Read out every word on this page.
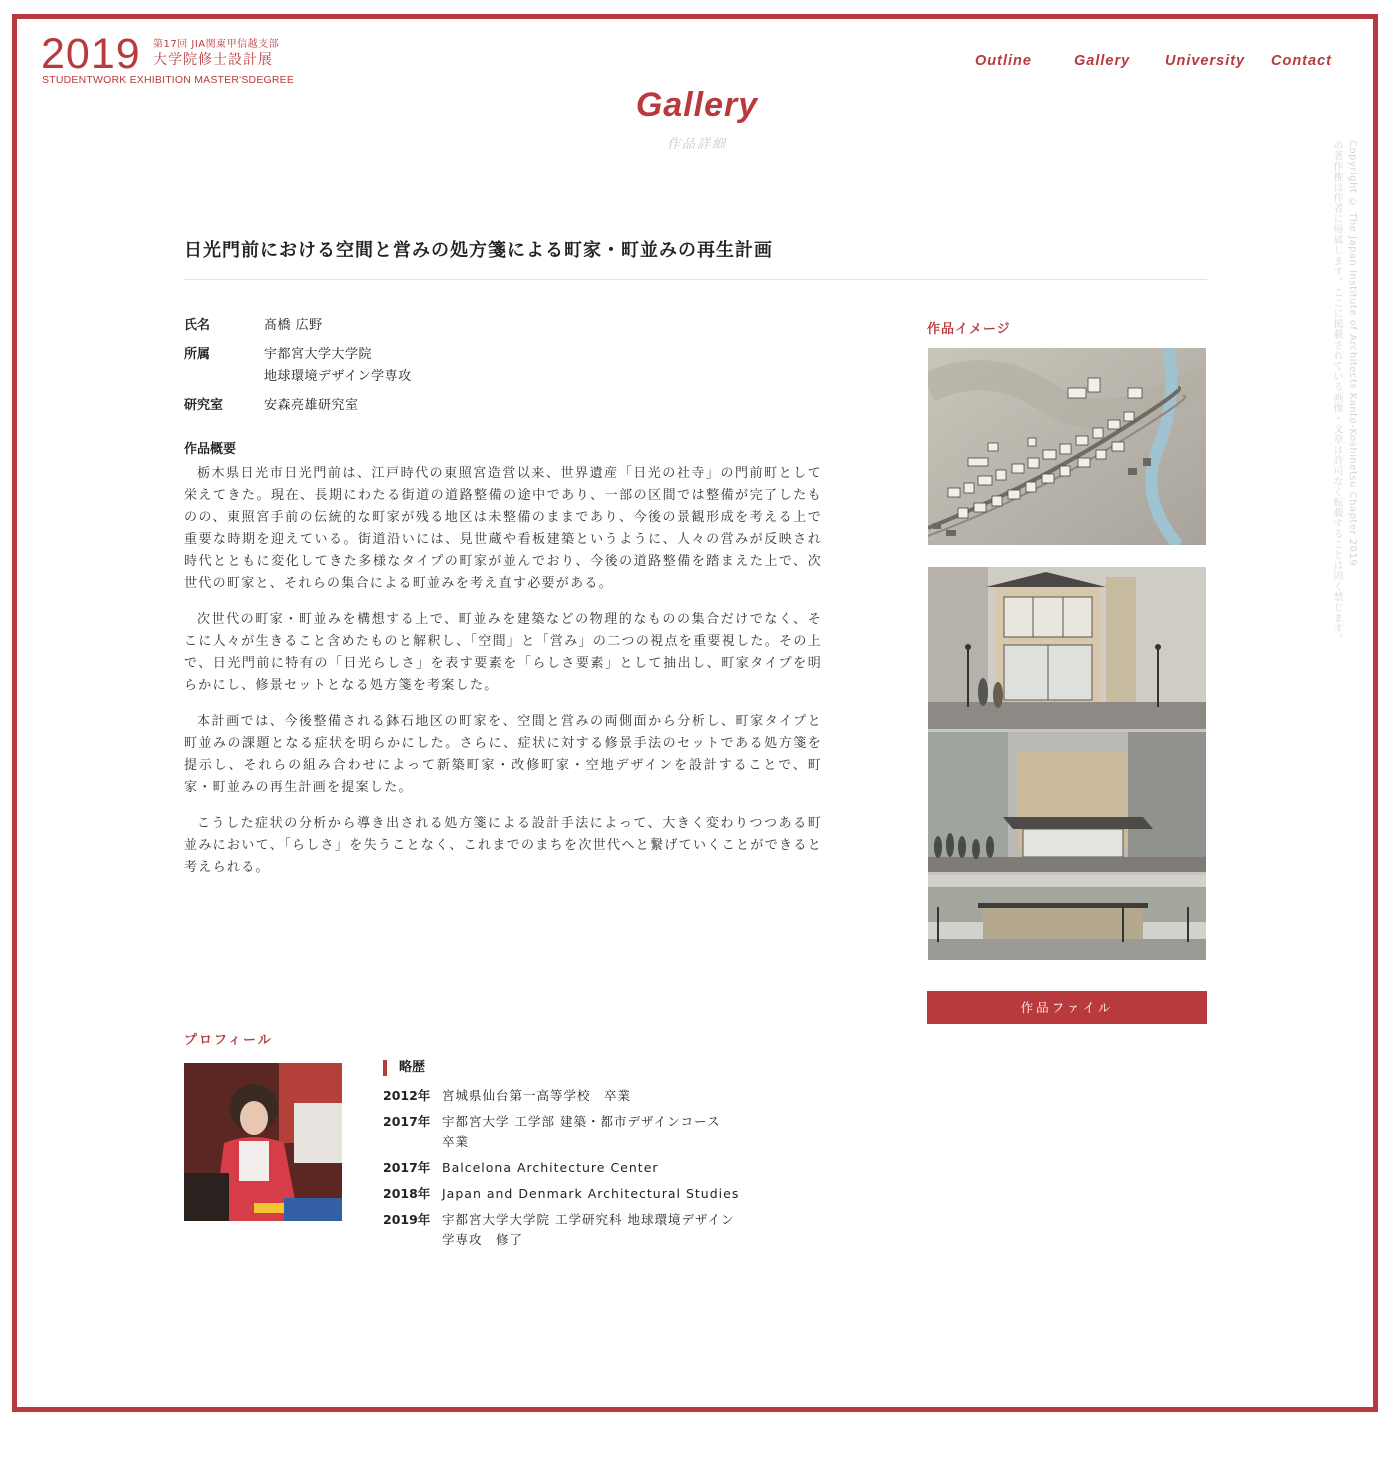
2019 第17回 JIA関東甲信越支部
大学院修士設計展
STUDENTWORK EXHIBITION MASTER'SDEGREE
Outline	Gallery University Contact
Gallery
作品詳細	Copyright © The Japan Institute of Architects Kanto-Koshinetsu Chapter 2019
の著作権は作者に帰属します。ここに掲載されている画像・文章は許可なく転載することは固く禁じます。
日光門前における空間と営みの処方箋による町家・町並みの再生計画
氏名	髙橋 広野
所属	宇都宮大学大学院
地球環境デザイン学専攻
研究室	安森亮雄研究室
作品概要

栃木県日光市日光門前は、江戸時代の東照宮造営以来、世界遺産「日光の社寺」の門前町として栄えてきた。現在、長期にわたる街道の道路整備の途中であり、一部の区間では整備が完了したものの、東照宮手前の伝統的な町家が残る地区は未整備のままであり、今後の景観形成を考える上で重要な時期を迎えている。街道沿いには、見世蔵や看板建築というように、人々の営みが反映され時代とともに変化してきた多様なタイプの町家が並んでおり、今後の道路整備を踏まえた上で、次世代の町家と、それらの集合による町並みを考え直す必要がある。

次世代の町家・町並みを構想する上で、町並みを建築などの物理的なものの集合だけでなく、そこに人々が生きること含めたものと解釈し、「空間」と「営み」の二つの視点を重要視した。その上で、日光門前に特有の「日光らしさ」を表す要素を「らしさ要素」として抽出し、町家タイプを明らかにし、修景セットとなる処方箋を考案した。

本計画では、今後整備される鉢石地区の町家を、空間と営みの両側面から分析し、町家タイプと町並みの課題となる症状を明らかにした。さらに、症状に対する修景手法のセットである処方箋を提示し、それらの組み合わせによって新築町家・改修町家・空地デザインを設計することで、町家・町並みの再生計画を提案した。

こうした症状の分析から導き出される処方箋による設計手法によって、大きく変わりつつある町並みにおいて、「らしさ」を失うことなく、これまでのまちを次世代へと繋げていくことができると考えられる。

作品イメージ
作品ファイル
プロフィール
略歴
2012年 宮城県仙台第一高等学校　卒業
2017年 宇都宮大学 工学部 建築・都市デザインコース 卒業
2017年 Balcelona Architecture Center
2018年 Japan and Denmark Architectural Studies
2019年 宇都宮大学大学院 工学研究科 地球環境デザイン学専攻　修了
